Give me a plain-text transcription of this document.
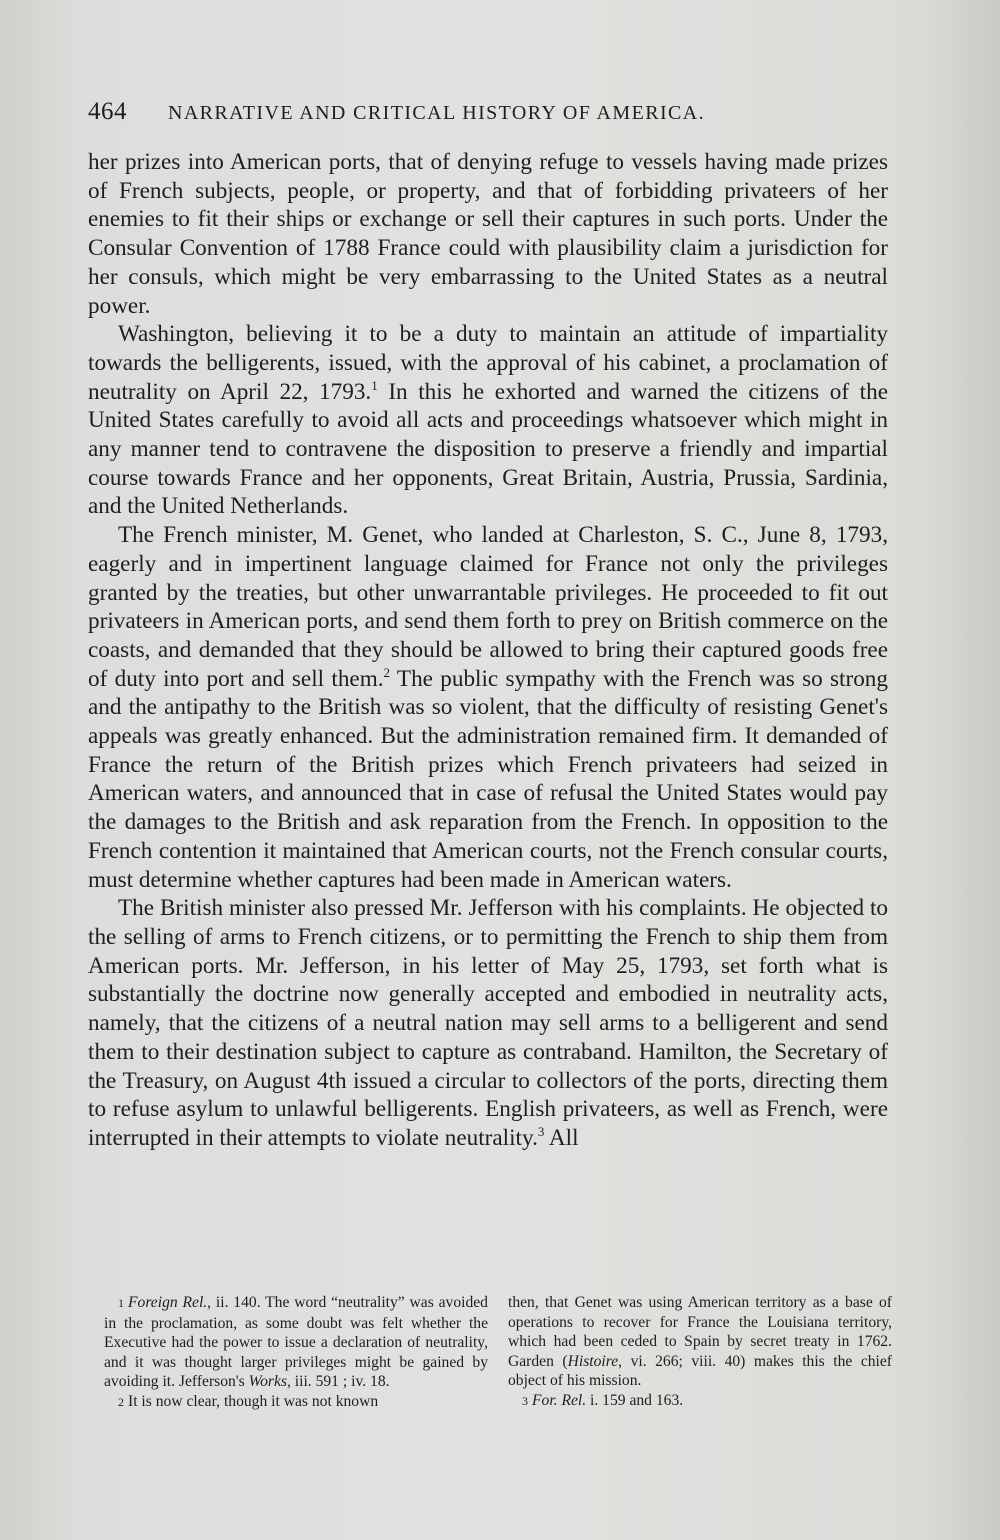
464	NARRATIVE AND CRITICAL HISTORY OF AMERICA.

her prizes into American ports, that of denying refuge to vessels having made prizes of French subjects, people, or property, and that of forbidding privateers of her enemies to fit their ships or exchange or sell their captures in such ports. Under the Consular Convention of 1788 France could with plausibility claim a jurisdiction for her consuls, which might be very embarrassing to the United States as a neutral power.

Washington, believing it to be a duty to maintain an attitude of impartiality towards the belligerents, issued, with the approval of his cabinet, a proclamation of neutrality on April 22, 1793.$^1$ In this he exhorted and warned the citizens of the United States carefully to avoid all acts and proceedings whatsoever which might in any manner tend to contravene the disposition to preserve a friendly and impartial course towards France and her opponents, Great Britain, Austria, Prussia, Sardinia, and the United Netherlands.

The French minister, M. Genet, who landed at Charleston, S. C., June 8, 1793, eagerly and in impertinent language claimed for France not only the privileges granted by the treaties, but other unwarrantable privileges. He proceeded to fit out privateers in American ports, and send them forth to prey on British commerce on the coasts, and demanded that they should be allowed to bring their captured goods free of duty into port and sell them.$^2$ The public sympathy with the French was so strong and the antipathy to the British was so violent, that the difficulty of resisting Genet's appeals was greatly enhanced. But the administration remained firm. It demanded of France the return of the British prizes which French privateers had seized in American waters, and announced that in case of refusal the United States would pay the damages to the British and ask reparation from the French. In opposition to the French contention it maintained that American courts, not the French consular courts, must determine whether captures had been made in American waters.

The British minister also pressed Mr. Jefferson with his complaints. He objected to the selling of arms to French citizens, or to permitting the French to ship them from American ports. Mr. Jefferson, in his letter of May 25, 1793, set forth what is substantially the doctrine now generally accepted and embodied in neutrality acts, namely, that the citizens of a neutral nation may sell arms to a belligerent and send them to their destination subject to capture as contraband. Hamilton, the Secretary of the Treasury, on August 4th issued a circular to collectors of the ports, directing them to refuse asylum to unlawful belligerents. English privateers, as well as French, were interrupted in their attempts to violate neutrality.$^3$ All

1 Foreign Rel., ii. 140. The word “neutrality” was avoided in the proclamation, as some doubt was felt whether the Executive had the power to issue a declaration of neutrality, and it was thought larger privileges might be gained by avoiding it. Jefferson's Works, iii. 591 ; iv. 18.

2 It is now clear, though it was not known

then, that Genet was using American territory as a base of operations to recover for France the Louisiana territory, which had been ceded to Spain by secret treaty in 1762. Garden (Histoire, vi. 266; viii. 40) makes this the chief object of his mission.

3 For. Rel. i. 159 and 163.
